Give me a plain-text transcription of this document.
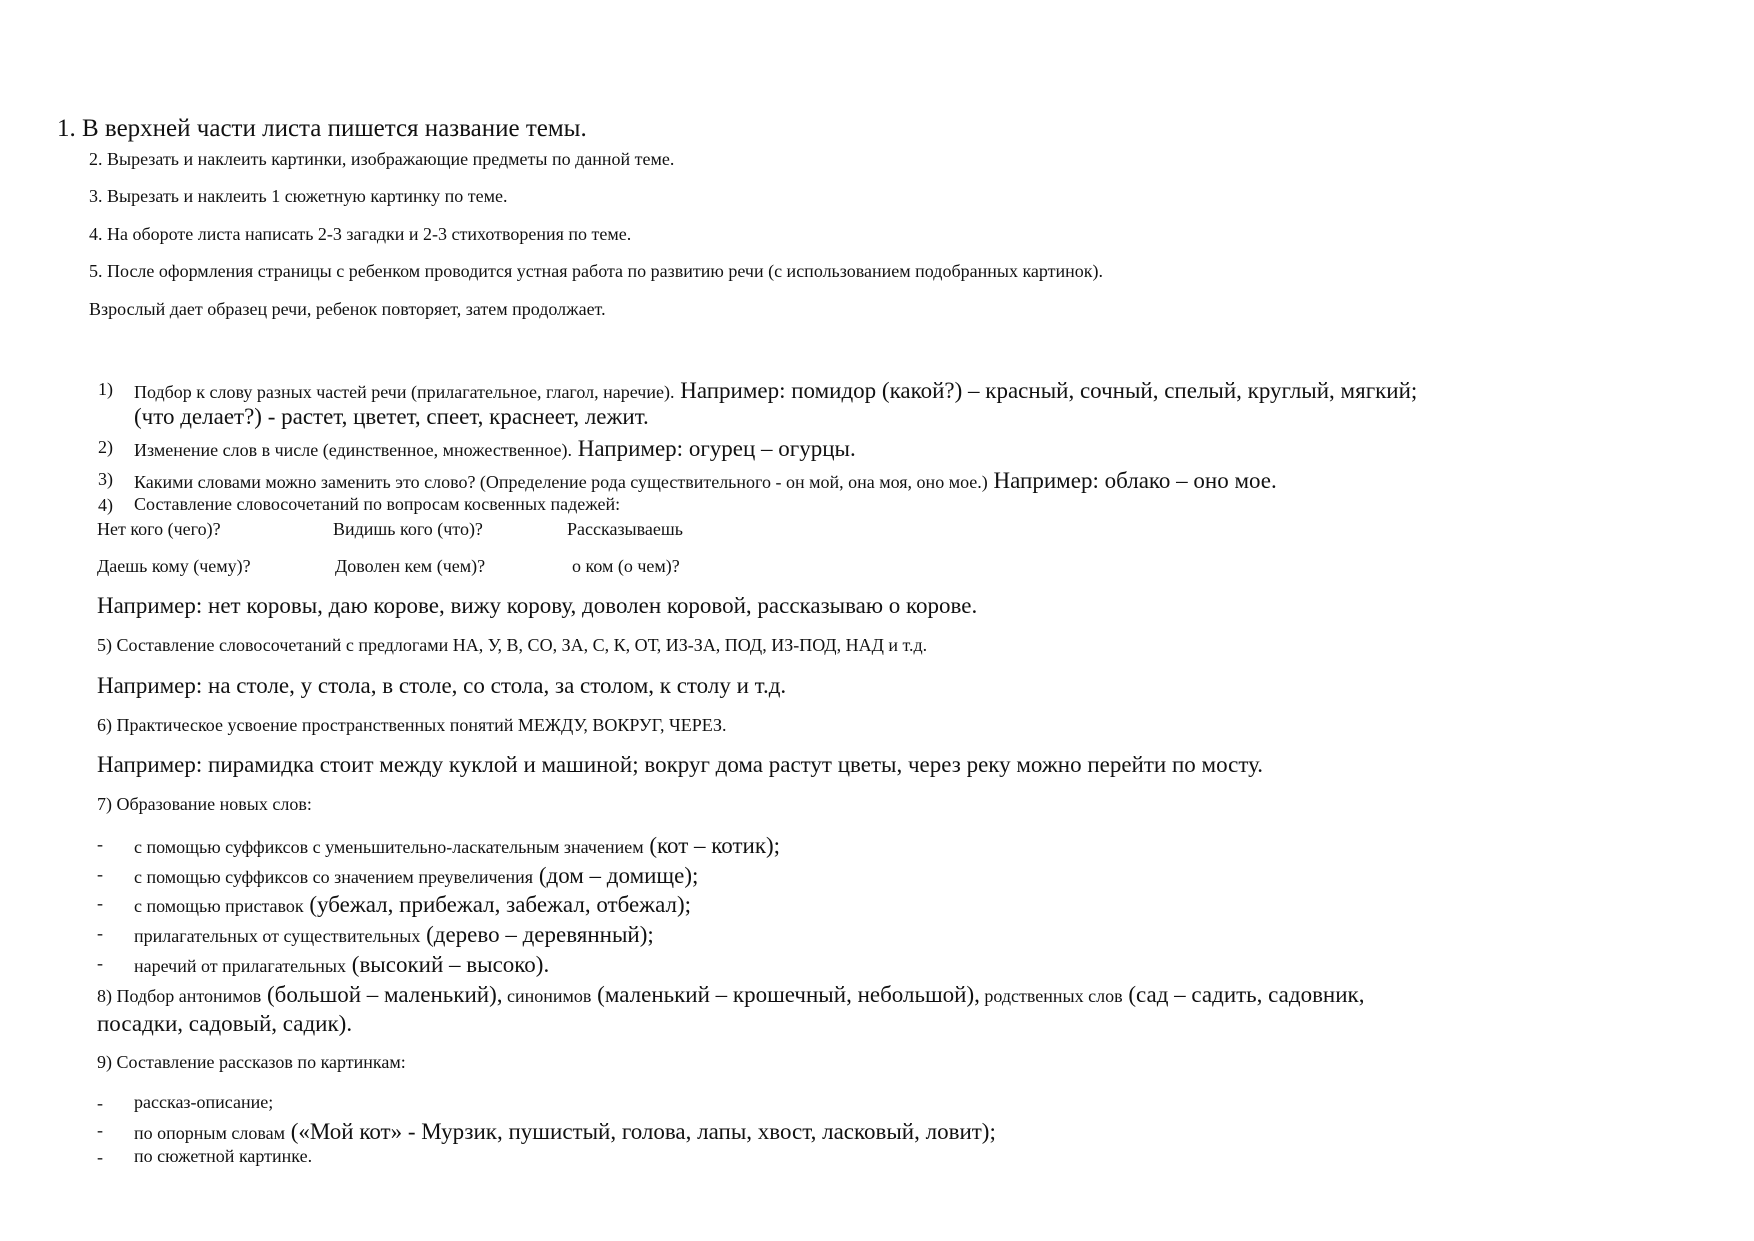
1. В верхней части листа пишется название темы.
2. Вырезать и наклеить картинки, изображающие предметы по данной теме.
3. Вырезать и наклеить 1 сюжетную картинку по теме.
4. На обороте листа написать 2-3 загадки и 2-3 стихотворения по теме.
5. После оформления страницы с ребенком проводится устная работа по развитию речи (с использованием подобранных картинок).
Взрослый дает образец речи, ребенок повторяет, затем продолжает.
1) Подбор к слову разных частей речи (прилагательное, глагол, наречие). Например: помидор (какой?) – красный, сочный, спелый, круглый, мягкий;
(что делает?) - растет, цветет, спеет, краснеет, лежит.
2) Изменение слов в числе (единственное, множественное). Например: огурец – огурцы.
3) Какими словами можно заменить это слово? (Определение рода существительного - он мой, она моя, оно мое.) Например: облако – оно мое.
4) Составление словосочетаний по вопросам косвенных падежей:
Нет кого (чего)?	Видишь кого (что)?	Рассказываешь
Даешь кому (чему)?	Доволен кем (чем)?	о ком (о чем)?
Например: нет коровы, даю корове, вижу корову, доволен коровой, рассказываю о корове.
5) Составление словосочетаний с предлогами НА, У, В, СО, ЗА, С, К, ОТ, ИЗ-ЗА, ПОД, ИЗ-ПОД, НАД и т.д.
Например: на столе, у стола, в столе, со стола, за столом, к столу и т.д.
6) Практическое усвоение пространственных понятий МЕЖДУ, ВОКРУГ, ЧЕРЕЗ.
Например: пирамидка стоит между куклой и машиной; вокруг дома растут цветы, через реку можно перейти по мосту.
7) Образование новых слов:
- с помощью суффиксов с уменьшительно-ласкательным значением (кот – котик);
- с помощью суффиксов со значением преувеличения (дом – домище);
- с помощью приставок (убежал, прибежал, забежал, отбежал);
- прилагательных от существительных (дерево – деревянный);
- наречий от прилагательных (высокий – высоко).
8) Подбор антонимов (большой – маленький), синонимов (маленький – крошечный, небольшой), родственных слов (сад – садить, садовник,
посадки, садовый, садик).
9) Составление рассказов по картинкам:
- рассказ-описание;
- по опорным словам («Мой кот» - Мурзик, пушистый, голова, лапы, хвост, ласковый, ловит);
- по сюжетной картинке.
